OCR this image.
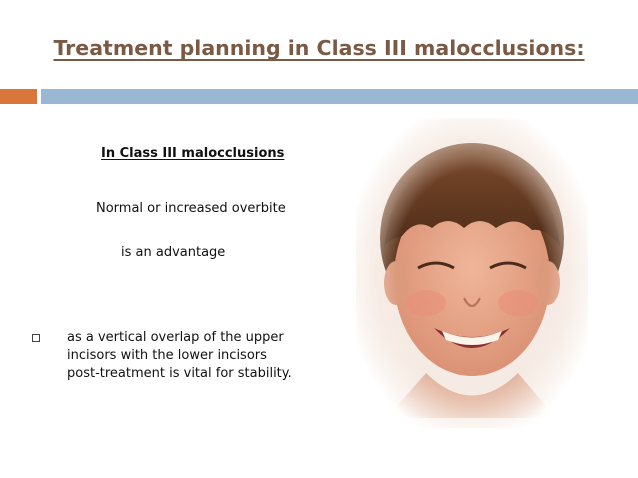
Treatment planning in Class III malocclusions:
In Class III malocclusions
Normal or increased overbite
is an advantage
as a vertical overlap of the upper incisors with the lower incisors post-treatment is vital for stability.
